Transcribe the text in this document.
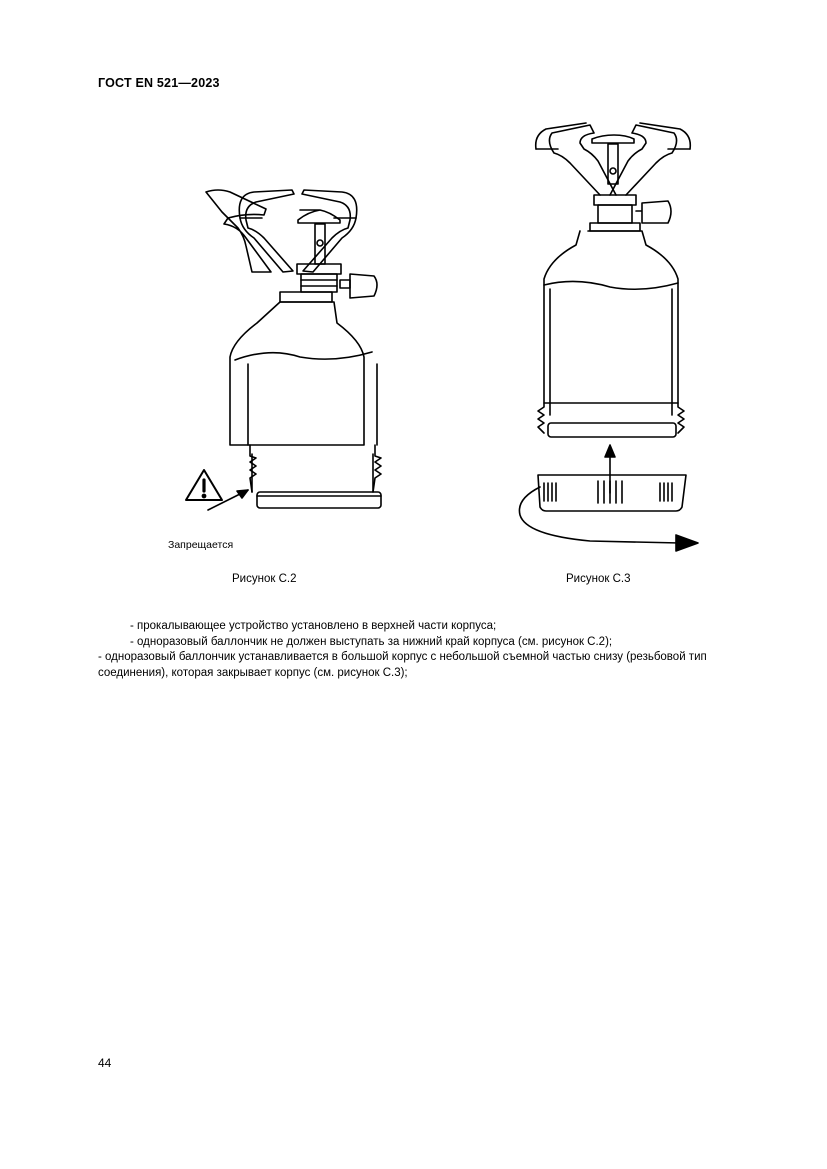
ГОСТ EN 521—2023
Запрещается
Рисунок С.2	Рисунок С.3

- прокалывающее устройство установлено в верхней части корпуса;

- одноразовый баллончик не должен выступать за нижний край корпуса (см. рисунок С.2);

- одноразовый баллончик устанавливается в большой корпус с небольшой съемной частью снизу (резьбовой тип соединения), которая закрывает корпус (см. рисунок С.3);

44
